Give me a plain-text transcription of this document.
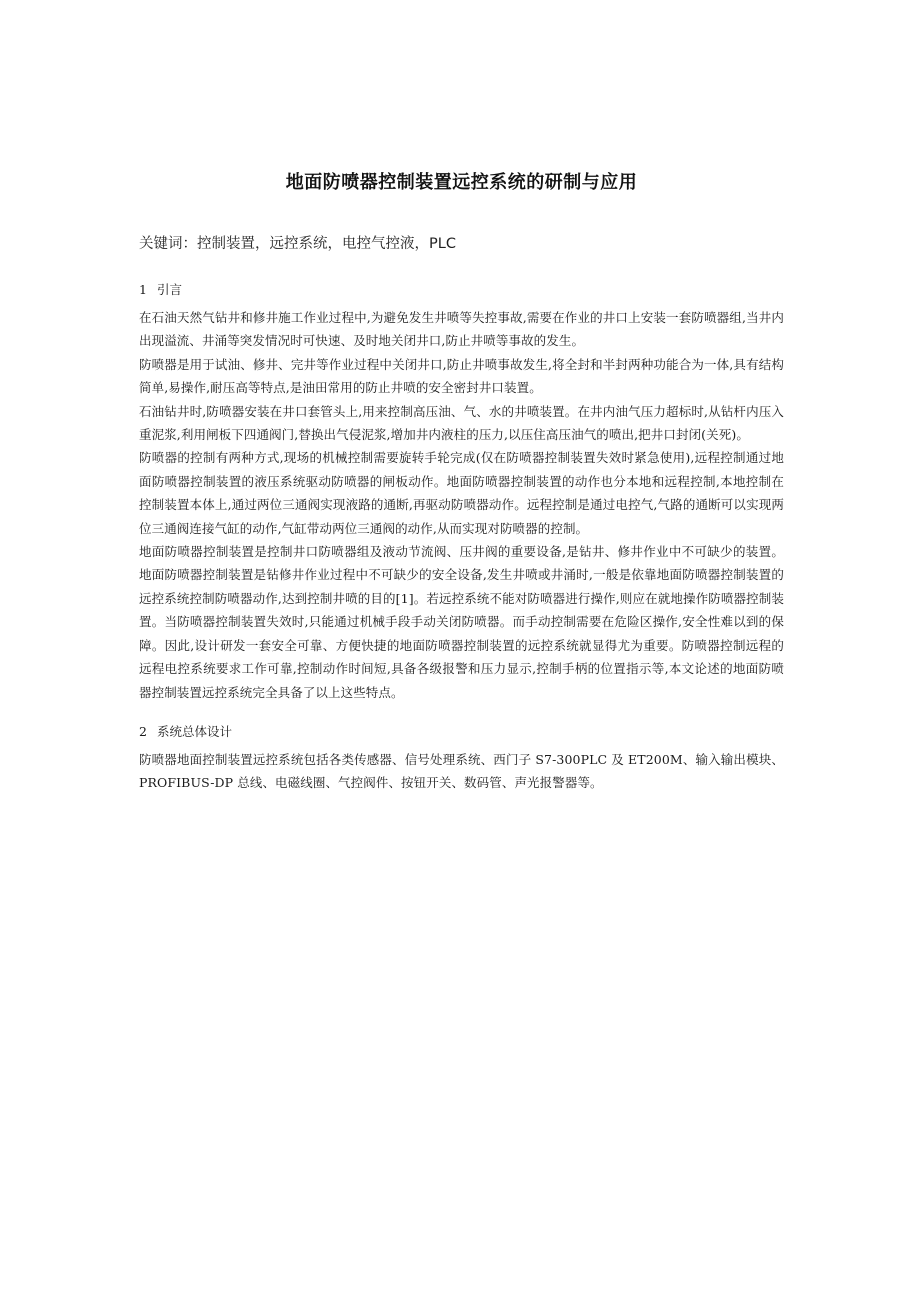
地面防喷器控制装置远控系统的研制与应用
关键词：控制装置，远控系统，电控气控液，PLC
1 引言

在石油天然气钻井和修井施工作业过程中,为避免发生井喷等失控事故,需要在作业的井口上安装一套防喷器组,当井内出现溢流、井涌等突发情况时可快速、及时地关闭井口,防止井喷等事故的发生。

防喷器是用于试油、修井、完井等作业过程中关闭井口,防止井喷事故发生,将全封和半封两种功能合为一体,具有结构简单,易操作,耐压高等特点,是油田常用的防止井喷的安全密封井口装置。

石油钻井时,防喷器安装在井口套管头上,用来控制高压油、气、水的井喷装置。在井内油气压力超标时,从钻杆内压入重泥浆,利用闸板下四通阀门,替换出气侵泥浆,增加井内液柱的压力,以压住高压油气的喷出,把井口封闭(关死)。

防喷器的控制有两种方式,现场的机械控制需要旋转手轮完成(仅在防喷器控制装置失效时紧急使用),远程控制通过地面防喷器控制装置的液压系统驱动防喷器的闸板动作。地面防喷器控制装置的动作也分本地和远程控制,本地控制在控制装置本体上,通过两位三通阀实现液路的通断,再驱动防喷器动作。远程控制是通过电控气,气路的通断可以实现两位三通阀连接气缸的动作,气缸带动两位三通阀的动作,从而实现对防喷器的控制。

地面防喷器控制装置是控制井口防喷器组及液动节流阀、压井阀的重要设备,是钻井、修井作业中不可缺少的装置。地面防喷器控制装置是钻修井作业过程中不可缺少的安全设备,发生井喷或井涌时,一般是依靠地面防喷器控制装置的远控系统控制防喷器动作,达到控制井喷的目的[1]。若远控系统不能对防喷器进行操作,则应在就地操作防喷器控制装置。当防喷器控制装置失效时,只能通过机械手段手动关闭防喷器。而手动控制需要在危险区操作,安全性难以到的保障。因此,设计研发一套安全可靠、方便快捷的地面防喷器控制装置的远控系统就显得尤为重要。防喷器控制远程的远程电控系统要求工作可靠,控制动作时间短,具备各级报警和压力显示,控制手柄的位置指示等,本文论述的地面防喷器控制装置远控系统完全具备了以上这些特点。

2 系统总体设计

防喷器地面控制装置远控系统包括各类传感器、信号处理系统、西门子 S7-300PLC 及 ET200M、输入输出模块、PROFIBUS-DP 总线、电磁线圈、气控阀件、按钮开关、数码管、声光报警器等。
